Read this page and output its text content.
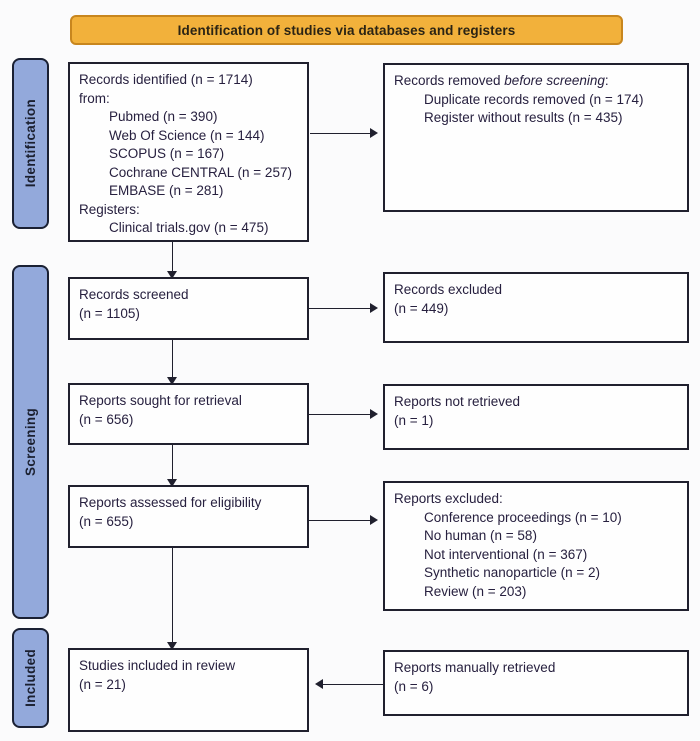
Identification of studies via databases and registers
Identification
Screening
Included
Records identified (n = 1714)
from:
Pubmed (n = 390)
Web Of Science (n = 144)
SCOPUS (n = 167)
Cochrane CENTRAL (n = 257)
EMBASE (n = 281)
Registers:
Clinical trials.gov (n = 475)
Records removed before screening:
Duplicate records removed (n = 174)
Register without results (n = 435)
Records screened
(n = 1105)
Records excluded
(n = 449)
Reports sought for retrieval
(n = 656)
Reports not retrieved
(n = 1)
Reports assessed for eligibility
(n = 655)
Reports excluded:
Conference proceedings (n = 10)
No human (n = 58)
Not interventional (n = 367)
Synthetic nanoparticle (n = 2)
Review (n = 203)
Studies included in review
(n = 21)
Reports manually retrieved
(n = 6)
